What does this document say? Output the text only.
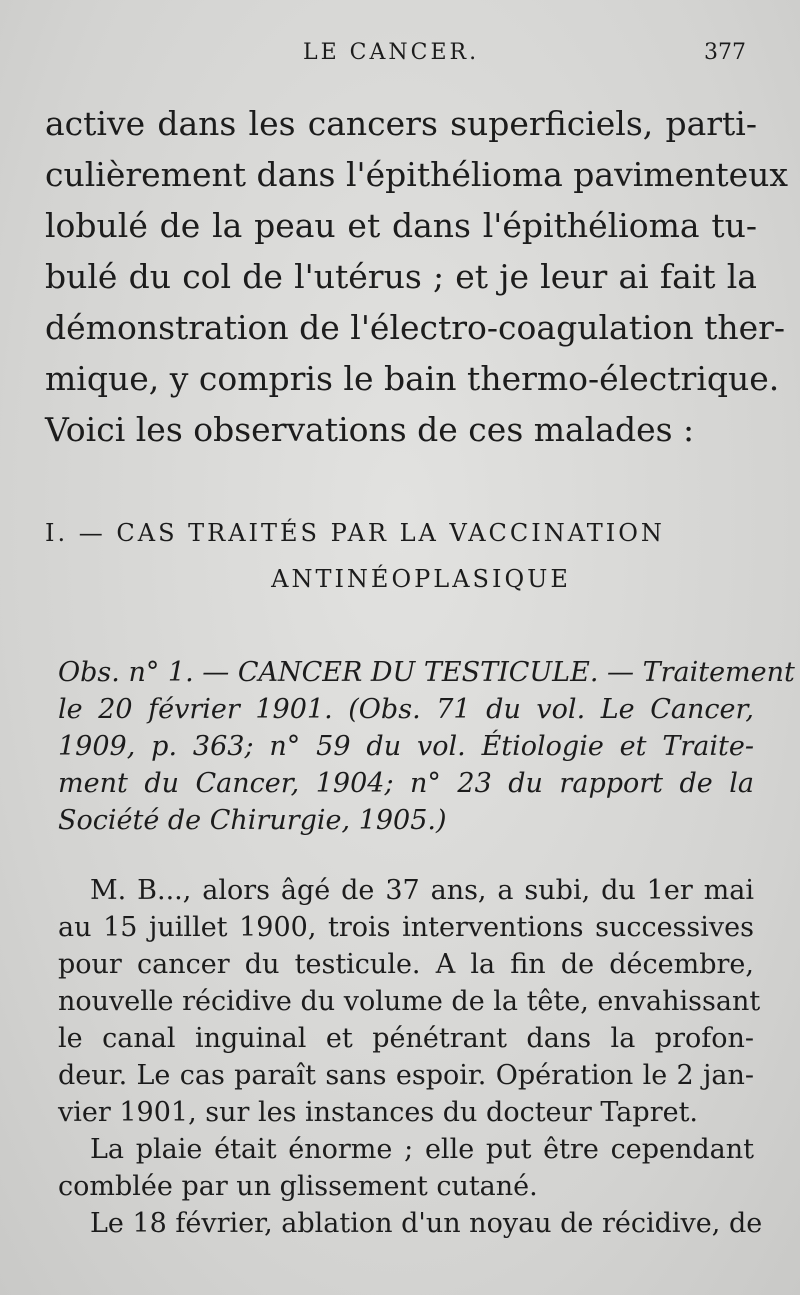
LE CANCER.	377
active dans les cancers superficiels, parti-
culièrement dans l'épithélioma pavimenteux
lobulé de la peau et dans l'épithélioma tu-
bulé du col de l'utérus ; et je leur ai fait la
démonstration de l'électro-coagulation ther-
mique, y compris le bain thermo-électrique.
Voici les observations de ces malades :
I. — CAS TRAITÉS PAR LA VACCINATION
ANTINÉOPLASIQUE
Obs. n° 1. — CANCER DU TESTICULE. — Traitement
le 20 février 1901. (Obs. 71 du vol. Le Cancer,
1909, p. 363; n° 59 du vol. Étiologie et Traite-
ment du Cancer, 1904; n° 23 du rapport de la
Société de Chirurgie, 1905.)
M. B..., alors âgé de 37 ans, a subi, du 1er mai
au 15 juillet 1900, trois interventions successives
pour cancer du testicule. A la fin de décembre,
nouvelle récidive du volume de la tête, envahissant
le canal inguinal et pénétrant dans la profon-
deur. Le cas paraît sans espoir. Opération le 2 jan-
vier 1901, sur les instances du docteur Tapret.
La plaie était énorme ; elle put être cependant
comblée par un glissement cutané.
Le 18 février, ablation d'un noyau de récidive, de
